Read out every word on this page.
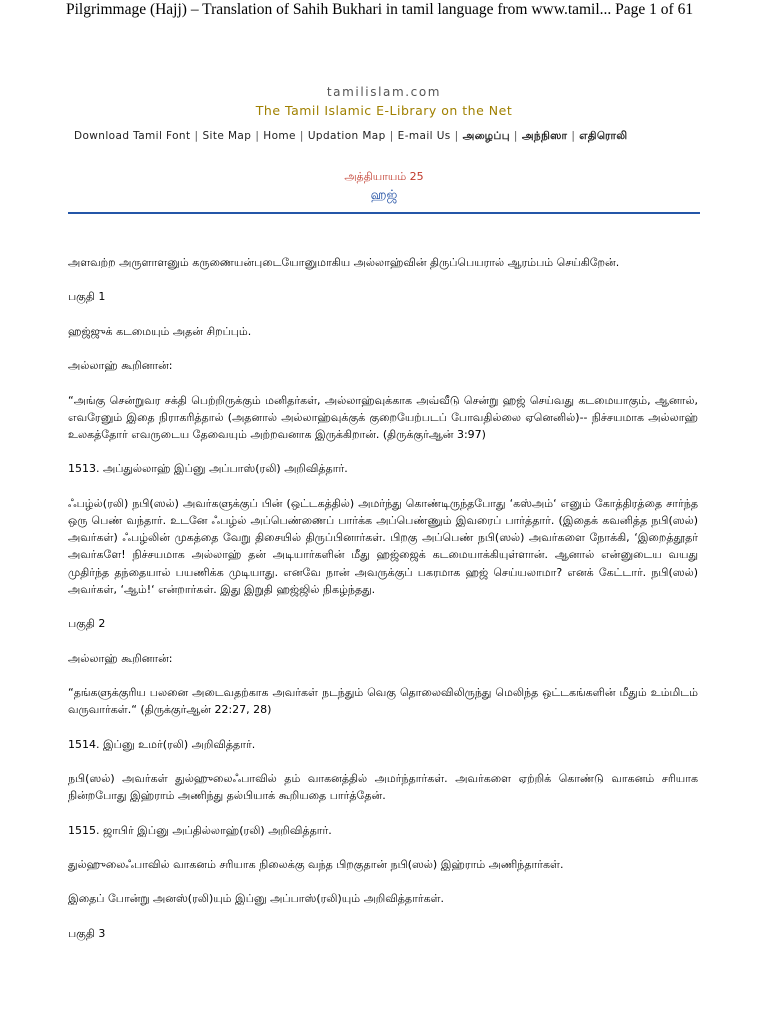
Pilgrimmage (Hajj) – Translation of Sahih Bukhari in tamil language from www.tamil... Page 1 of 61
tamilislam.com
The Tamil Islamic E-Library on the Net
Download Tamil Font | Site Map | Home | Updation Map | E-mail Us | அழைப்பு | அந்நிஸா | எதிரொலி
அத்தியாயம் 25
ஹஜ்

அளவற்ற அருளாளனும் கருணையன்புடையோனுமாகிய அல்லாஹ்வின் திருப்பெயரால் ஆரம்பம் செய்கிறேன்.

பகுதி 1

ஹஜ்ஜுக் கடமையும் அதன் சிறப்பும்.

அல்லாஹ் கூறினான்:

“அங்கு சென்றுவர சக்தி பெற்றிருக்கும் மனிதர்கள், அல்லாஹ்வுக்காக அவ்வீடு சென்று ஹஜ் செய்வது கடமையாகும், ஆனால், எவரேனும் இதை நிராகரித்தால் (அதனால் அல்லாஹ்வுக்குக் குறையேற்படப் போவதில்லை ஏனெனில்)-- நிச்சயமாக அல்லாஹ் உலகத்தோர் எவருடைய தேவையும் அற்றவனாக இருக்கிறான். (திருக்குர்ஆன் 3:97)

1513. அப்துல்லாஹ் இப்னு அப்பாஸ்(ரலி) அறிவித்தார்.

ஃபழ்ல்(ரலி) நபி(ஸல்) அவர்களுக்குப் பின் (ஒட்டகத்தில்) அமர்ந்து கொண்டிருந்தபோது ‘கஸ்அம்‘ எனும் கோத்திரத்தை சார்ந்த ஒரு பெண் வந்தார். உடனே ஃபழ்ல் அப்பெண்ணைப் பார்க்க அப்பெண்ணும் இவரைப் பார்த்தார். (இதைக் கவனித்த நபி(ஸல்) அவர்கள்) ஃபழ்லின் முகத்தை வேறு திசையில் திருப்பினார்கள். பிறகு அப்பெண் நபி(ஸல்) அவர்களை நோக்கி, ‘இறைத்தூதர் அவர்களே! நிச்சயமாக அல்லாஹ் தன் அடியார்களின் மீது ஹஜ்ஜைக் கடமையாக்கியுள்ளான். ஆனால் என்னுடைய வயது முதிர்ந்த தந்தையால் பயணிக்க முடியாது. எனவே நான் அவருக்குப் பகரமாக ஹஜ் செய்யலாமா? எனக் கேட்டார். நபி(ஸல்) அவர்கள், ‘ஆம்!‘ என்றார்கள். இது இறுதி ஹஜ்ஜில் நிகழ்ந்தது.

பகுதி 2

அல்லாஹ் கூறினான்:

“தங்களுக்குரிய பலனை அடைவதற்காக அவர்கள் நடந்தும் வெகு தொலைவிலிருந்து மெலிந்த ஒட்டகங்களின் மீதும் உம்மிடம் வருவார்கள்.“ (திருக்குர்ஆன் 22:27, 28)

1514. இப்னு உமர்(ரலி) அறிவித்தார்.

நபி(ஸல்) அவர்கள் துல்ஹுலைஃபாவில் தம் வாகனத்தில் அமர்ந்தார்கள். அவர்களை ஏற்றிக் கொண்டு வாகனம் சரியாக நின்றபோது இஹ்ராம் அணிந்து தல்பியாக் கூறியதை பார்த்தேன்.

1515. ஜாபிர் இப்னு அப்தில்லாஹ்(ரலி) அறிவித்தார்.

துல்ஹுலைஃபாவில் வாகனம் சரியாக நிலைக்கு வந்த பிறகுதான் நபி(ஸல்) இஹ்ராம் அணிந்தார்கள்.

இதைப் போன்று அனஸ்(ரலி)யும் இப்னு அப்பாஸ்(ரலி)யும் அறிவித்தார்கள்.

பகுதி 3
